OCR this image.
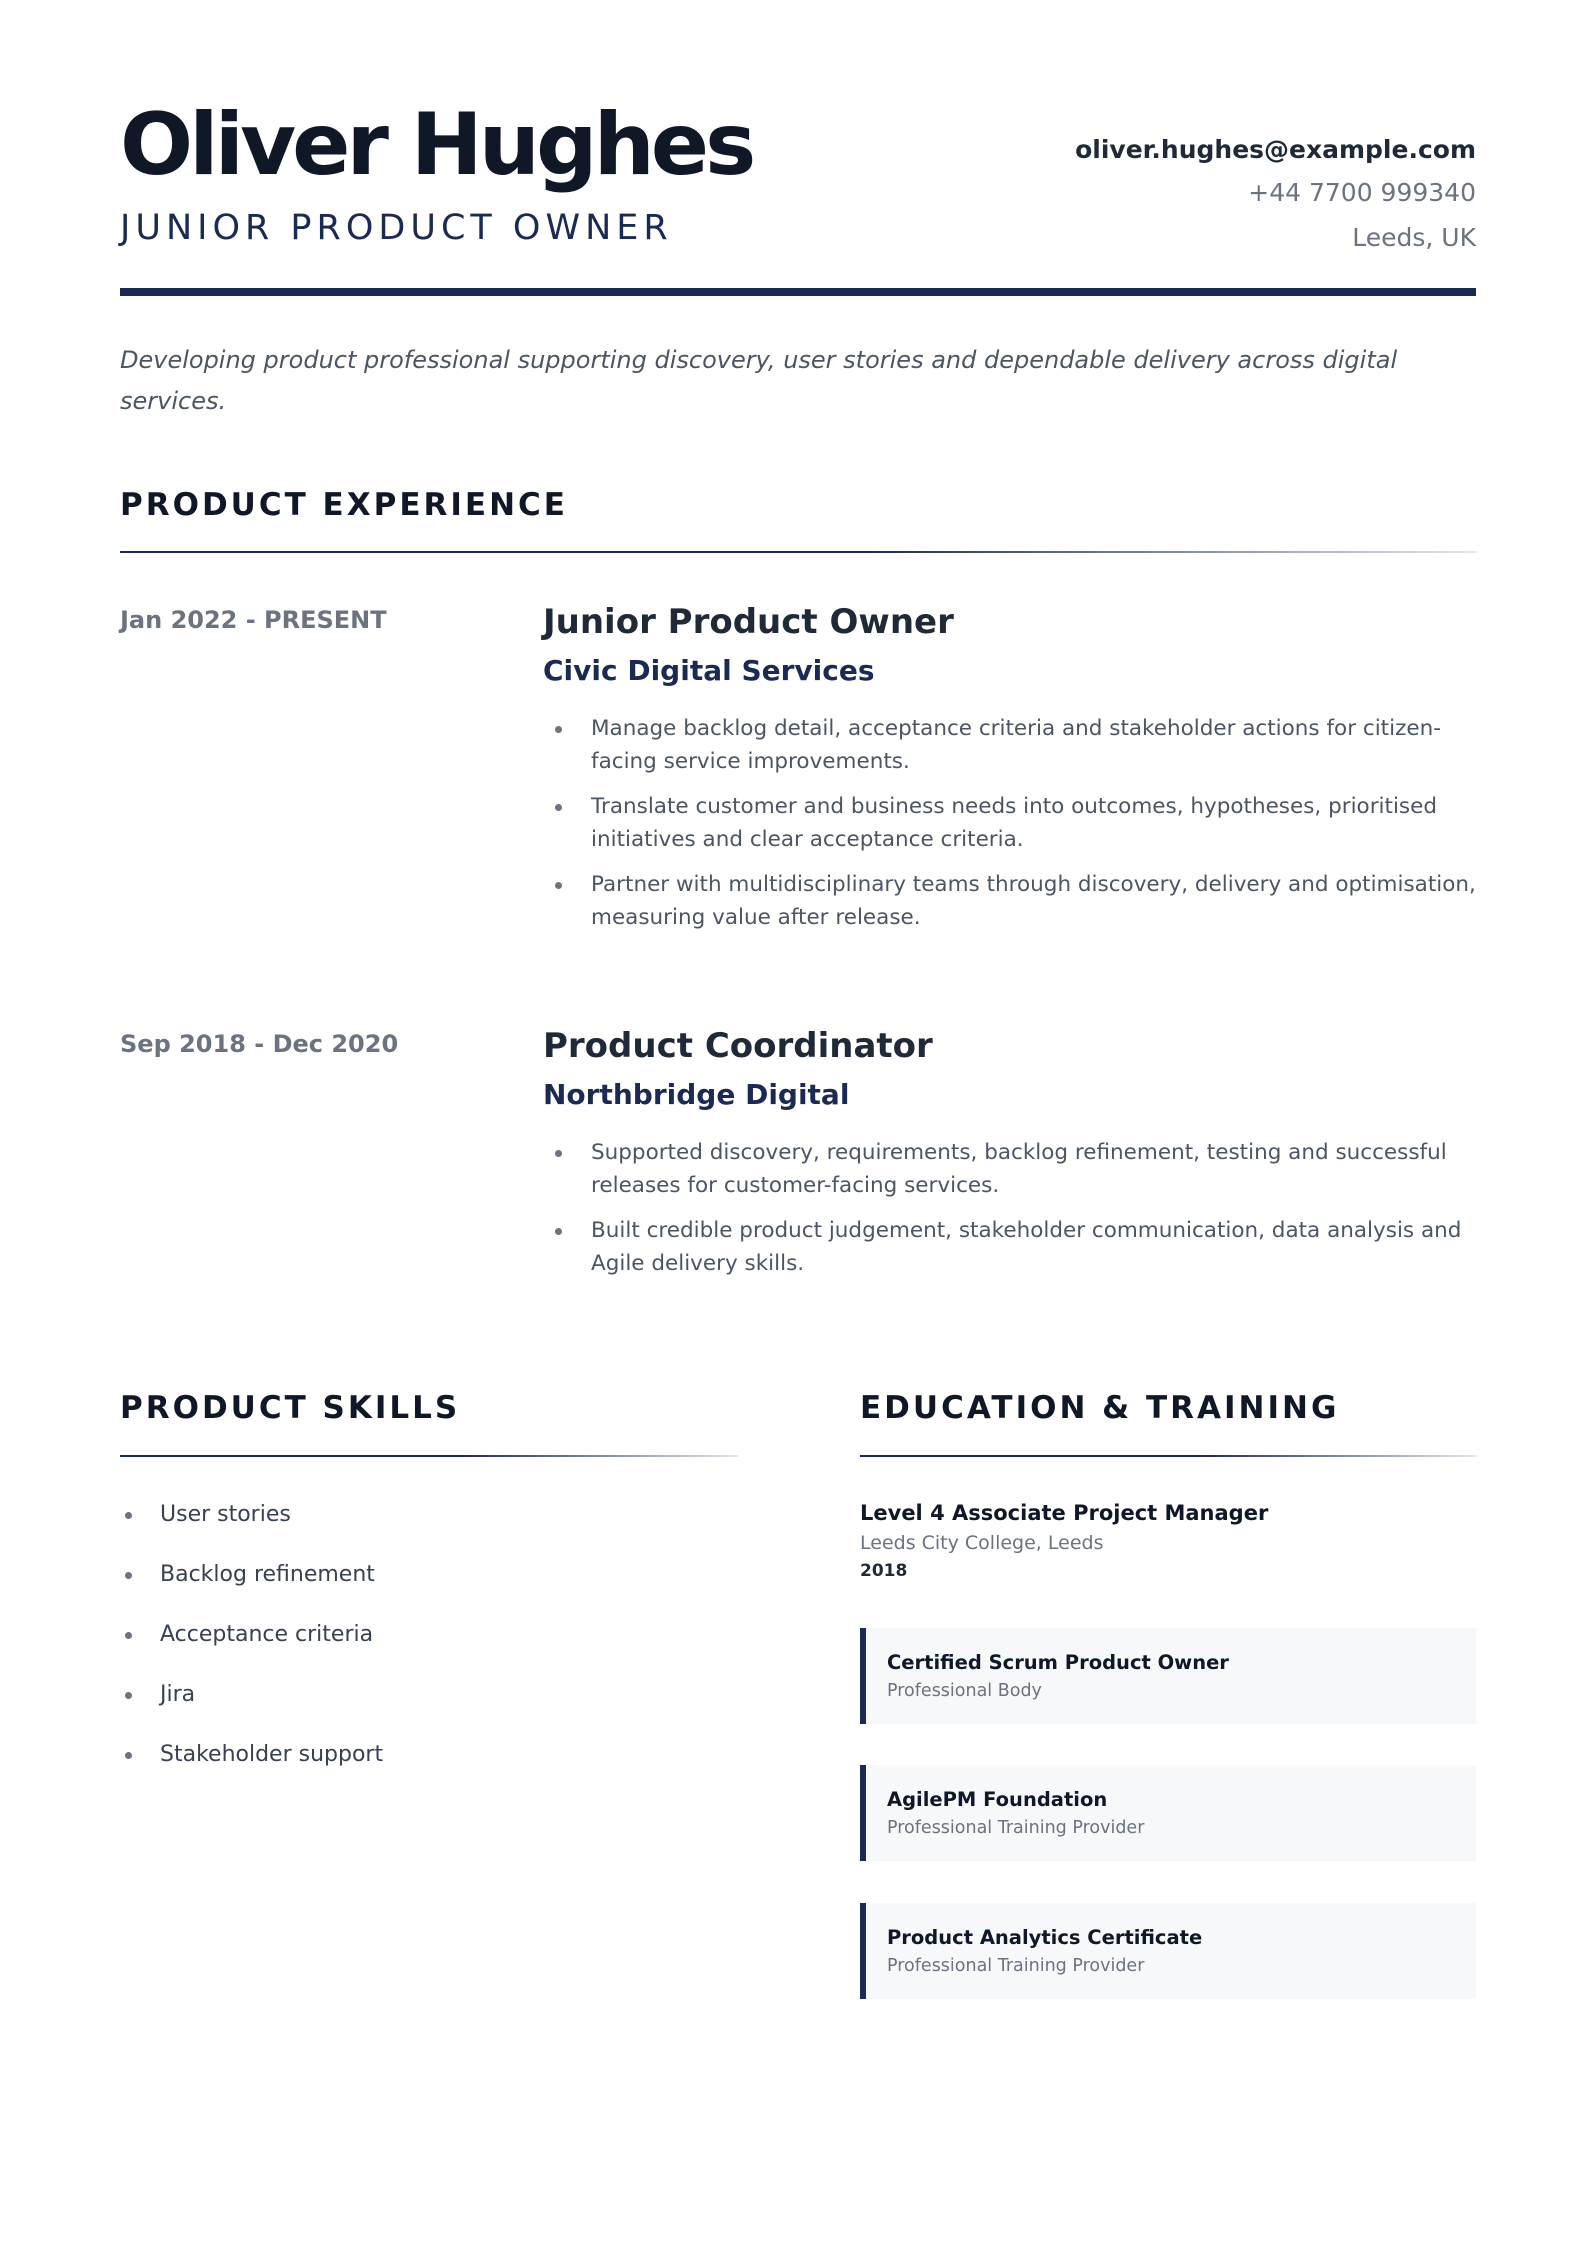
Oliver Hughes
JUNIOR PRODUCT OWNER
oliver.hughes@example.com
+44 7700 999340
Leeds, UK
Developing product professional supporting discovery, user stories and dependable delivery across digital services.
PRODUCT EXPERIENCE
Jan 2022 - PRESENT	Junior Product Owner
Civic Digital Services
Manage backlog detail, acceptance criteria and stakeholder actions for citizen-facing service improvements.
Translate customer and business needs into outcomes, hypotheses, prioritised initiatives and clear acceptance criteria.
Partner with multidisciplinary teams through discovery, delivery and optimisation, measuring value after release.
Sep 2018 - Dec 2020	Product Coordinator
Northbridge Digital
Supported discovery, requirements, backlog refinement, testing and successful releases for customer-facing services.
Built credible product judgement, stakeholder communication, data analysis and Agile delivery skills.
PRODUCT SKILLS
User stories
Backlog refinement
Acceptance criteria
Jira
Stakeholder support
EDUCATION & TRAINING
Level 4 Associate Project Manager
Leeds City College, Leeds
2018
Certified Scrum Product Owner
Professional Body
AgilePM Foundation
Professional Training Provider
Product Analytics Certificate
Professional Training Provider
